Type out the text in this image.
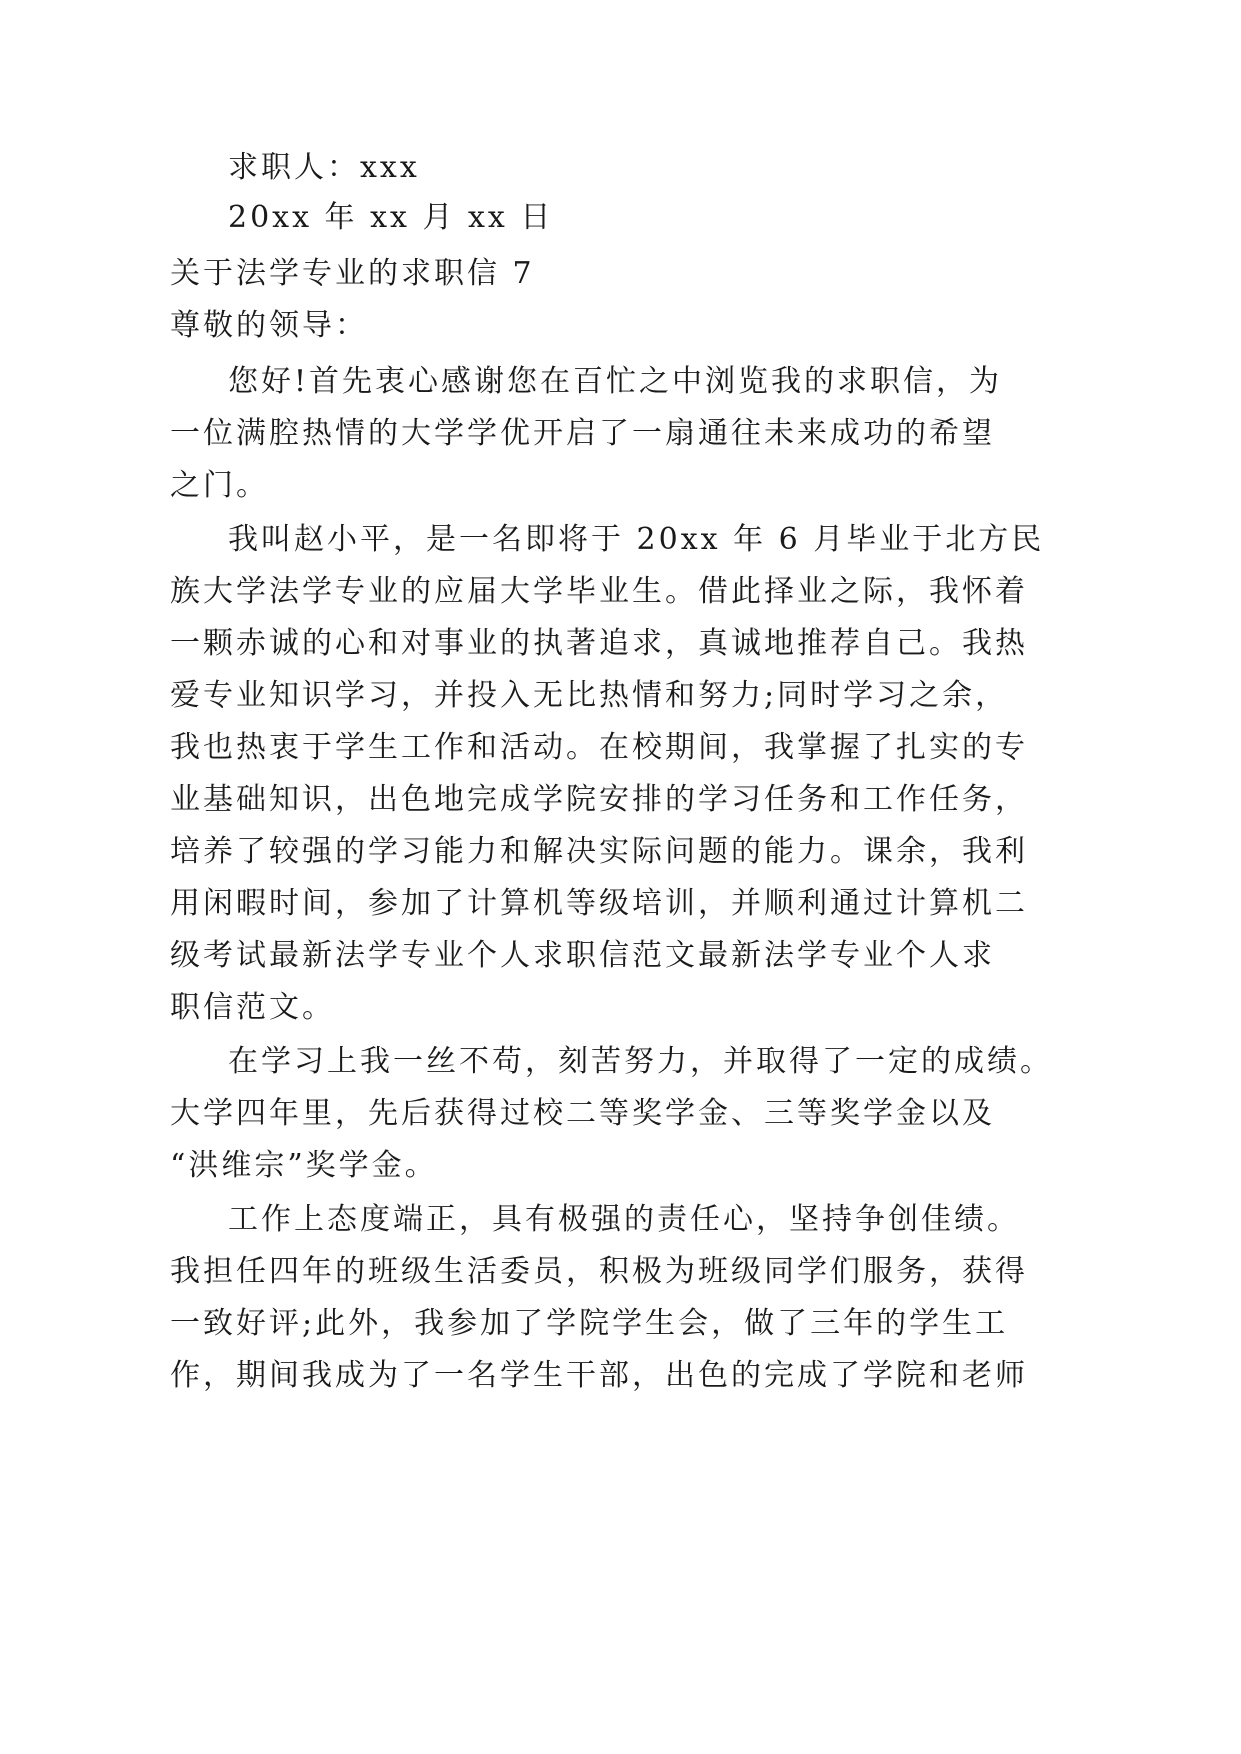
求职人：xxx
20xx 年 xx 月 xx 日
关于法学专业的求职信 7
尊敬的领导：
您好!首先衷心感谢您在百忙之中浏览我的求职信，为
一位满腔热情的大学学优开启了一扇通往未来成功的希望
之门。
我叫赵小平，是一名即将于 20xx 年 6 月毕业于北方民
族大学法学专业的应届大学毕业生。借此择业之际，我怀着
一颗赤诚的心和对事业的执著追求，真诚地推荐自己。我热
爱专业知识学习，并投入无比热情和努力;同时学习之余，
我也热衷于学生工作和活动。在校期间，我掌握了扎实的专
业基础知识，出色地完成学院安排的学习任务和工作任务，
培养了较强的学习能力和解决实际问题的能力。课余，我利
用闲暇时间，参加了计算机等级培训，并顺利通过计算机二
级考试最新法学专业个人求职信范文最新法学专业个人求
职信范文。
在学习上我一丝不苟，刻苦努力，并取得了一定的成绩。
大学四年里，先后获得过校二等奖学金、三等奖学金以及
“洪维宗”奖学金。
工作上态度端正，具有极强的责任心，坚持争创佳绩。
我担任四年的班级生活委员，积极为班级同学们服务，获得
一致好评;此外，我参加了学院学生会，做了三年的学生工
作，期间我成为了一名学生干部，出色的完成了学院和老师
